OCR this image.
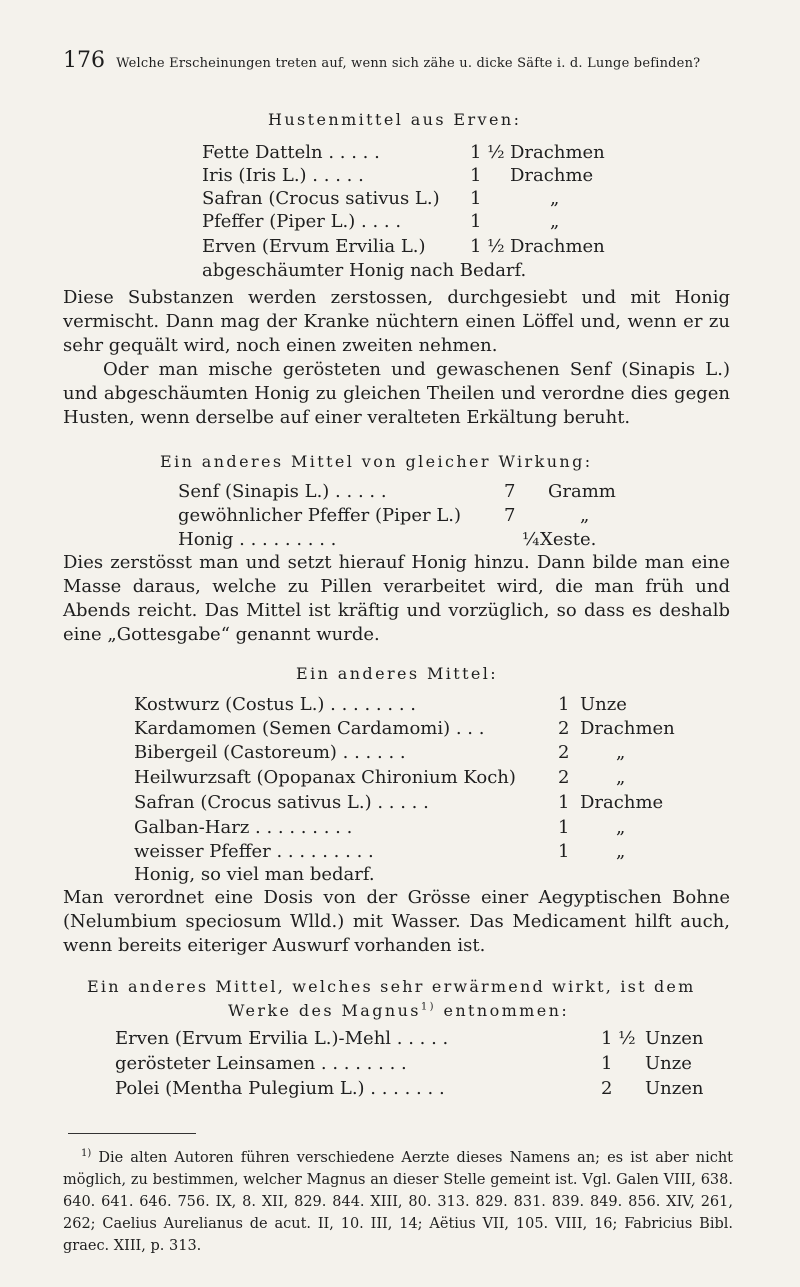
176 Welche Erscheinungen treten auf, wenn sich zähe u. dicke Säfte i. d. Lunge befinden?
Hustenmittel aus Erven:
Fette Datteln . . . . .	1 ½ Drachmen
Iris (Iris L.) . . . . .	1 Drachme
Safran (Crocus sativus L.) 1	„
Pfeffer (Piper L.) . . . .	1	„
Erven (Ervum Ervilia L.) 1 ½ Drachmen
abgeschäumter Honig nach Bedarf.

Diese Substanzen werden zerstossen, durchgesiebt und mit Honig vermischt. Dann mag der Kranke nüchtern einen Löffel und, wenn er zu sehr gequält wird, noch einen zweiten nehmen.

Oder man mische gerösteten und gewaschenen Senf (Sinapis L.) und abgeschäumten Honig zu gleichen Theilen und verordne dies gegen Husten, wenn derselbe auf einer veralteten Erkältung beruht.

Ein anderes Mittel von gleicher Wirkung:
Senf (Sinapis L.) . . . . .	7 Gramm
gewöhnlicher Pfeffer (Piper L.) 7	„
Honig . . . . . . . . .	¼ Xeste.

Dies zerstösst man und setzt hierauf Honig hinzu. Dann bilde man eine Masse daraus, welche zu Pillen verarbeitet wird, die man früh und Abends reicht. Das Mittel ist kräftig und vorzüglich, so dass es deshalb eine „Gottesgabe“ genannt wurde.

Ein anderes Mittel:
Kostwurz (Costus L.) . . . . . . . .	1 Unze
Kardamomen (Semen Cardamomi) . . .	2 Drachmen
Bibergeil (Castoreum) . . . . . .	2	„
Heilwurzsaft (Opopanax Chironium Koch) 2	„
Safran (Crocus sativus L.) . . . . .	1 Drachme
Galban-Harz . . . . . . . . .	1	„
weisser Pfeffer . . . . . . . . .	1	„
Honig, so viel man bedarf.

Man verordnet eine Dosis von der Grösse einer Aegyptischen Bohne (Nelumbium speciosum Wlld.) mit Wasser. Das Medicament hilft auch, wenn bereits eiteriger Auswurf vorhanden ist.

Ein anderes Mittel, welches sehr erwärmend wirkt, ist dem
Werke des Magnus$^{1)}$ entnommen:
Erven (Ervum Ervilia L.)-Mehl . . . . .	1 ½ Unzen
gerösteter Leinsamen . . . . . . . .	1 Unze
Polei (Mentha Pulegium L.) . . . . . . .	2 Unzen

$^{1)}$ Die alten Autoren führen verschiedene Aerzte dieses Namens an; es ist aber nicht möglich, zu bestimmen, welcher Magnus an dieser Stelle gemeint ist. Vgl. Galen VIII, 638. 640. 641. 646. 756. IX, 8. XII, 829. 844. XIII, 80. 313. 829. 831. 839. 849. 856. XIV, 261, 262; Caelius Aurelianus de acut. II, 10. III, 14; Aëtius VII, 105. VIII, 16; Fabricius Bibl. graec. XIII, p. 313.
